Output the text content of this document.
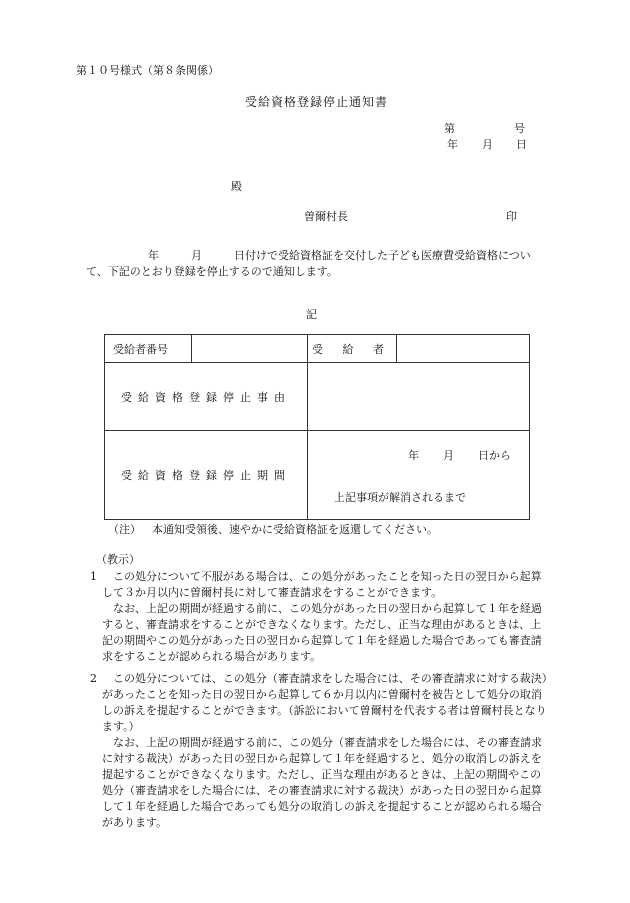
第１０号様式（第８条関係）
受給資格登録停止通知書
第	号
年 月 日
殿
曽爾村長	印
年	月	日付けで受給資格証を交付した子ども医療費受給資格について、下記のとおり登録を停止するので通知します。
記
受給者番号		受 給 者	
受給資格登録停止事由			
受給資格登録停止期間		年 月 日から
上記事項が解消されるまで	
（注） 本通知受領後、速やかに受給資格証を返還してください。
（教示）
1	この処分について不服がある場合は、この処分があったことを知った日の翌日から起算して３か月以内に曽爾村長に対して審査請求をすることができます。

なお、上記の期間が経過する前に、この処分があった日の翌日から起算して１年を経過すると、審査請求をすることができなくなります。ただし、正当な理由があるときは、上記の期間やこの処分があった日の翌日から起算して１年を経過した場合であっても審査請求をすることが認められる場合があります。

2	この処分については、この処分（審査請求をした場合には、その審査請求に対する裁決）があったことを知った日の翌日から起算して６か月以内に曽爾村を被告として処分の取消しの訴えを提起することができます。（訴訟において曽爾村を代表する者は曽爾村長となります。）

なお、上記の期間が経過する前に、この処分（審査請求をした場合には、その審査請求に対する裁決）があった日の翌日から起算して１年を経過すると、処分の取消しの訴えを提起することができなくなります。ただし、正当な理由があるときは、上記の期間やこの処分（審査請求をした場合には、その審査請求に対する裁決）があった日の翌日から起算して１年を経過した場合であっても処分の取消しの訴えを提起することが認められる場合があります。
